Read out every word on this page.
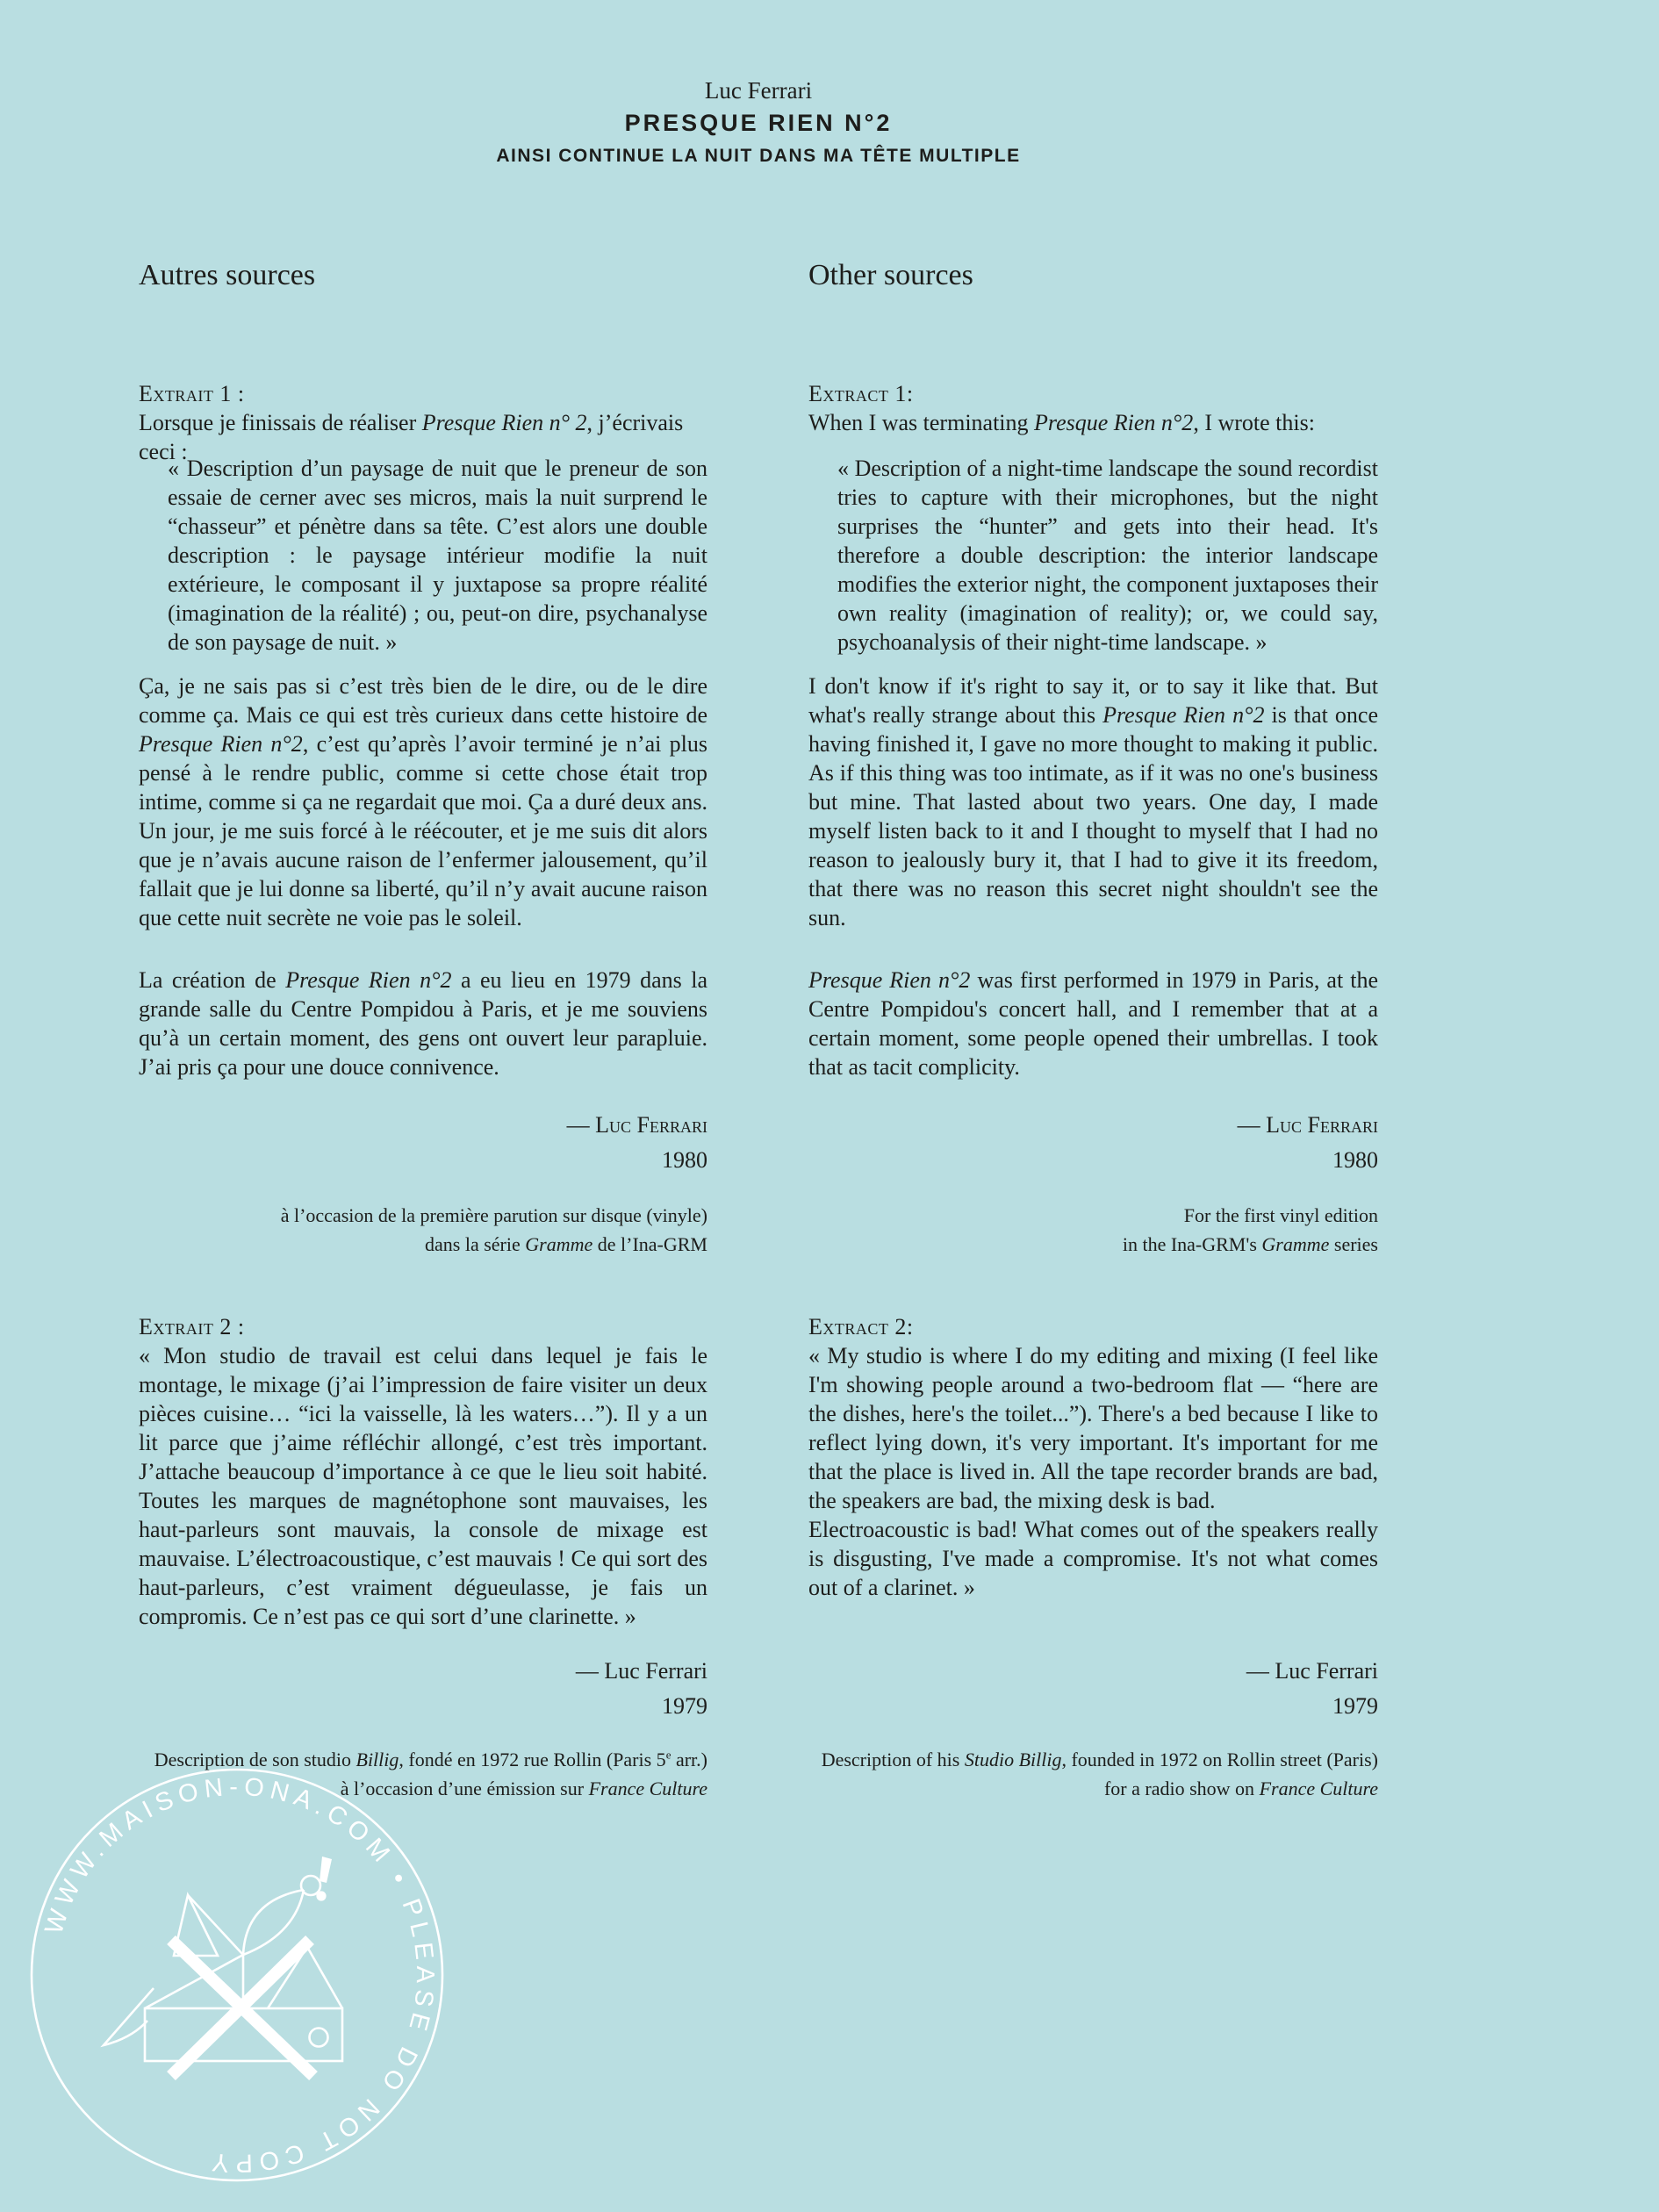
Luc Ferrari
PRESQUE RIEN N°2
AINSI CONTINUE LA NUIT DANS MA TÊTE MULTIPLE
Autres sources
Extrait 1 :
Lorsque je finissais de réaliser Presque Rien n° 2, j’écrivais ceci :
« Description d’un paysage de nuit que le preneur de son essaie de cerner avec ses micros, mais la nuit surprend le “chasseur” et pénètre dans sa tête. C’est alors une double description : le paysage intérieur modifie la nuit extérieure, le composant il y juxtapose sa propre réalité (imagination de la réalité) ; ou, peut-on dire, psychanalyse de son paysage de nuit. »

Ça, je ne sais pas si c’est très bien de le dire, ou de le dire comme ça. Mais ce qui est très curieux dans cette histoire de Presque Rien n°2, c’est qu’après l’avoir terminé je n’ai plus pensé à le rendre public, comme si cette chose était trop intime, comme si ça ne regardait que moi. Ça a duré deux ans. Un jour, je me suis forcé à le réécouter, et je me suis dit alors que je n’avais aucune raison de l’enfermer jalousement, qu’il fallait que je lui donne sa liberté, qu’il n’y avait aucune raison que cette nuit secrète ne voie pas le soleil.

La création de Presque Rien n°2 a eu lieu en 1979 dans la grande salle du Centre Pompidou à Paris, et je me souviens qu’à un certain moment, des gens ont ouvert leur parapluie. J’ai pris ça pour une douce connivence.

— Luc Ferrari
1980
à l’occasion de la première parution sur disque (vinyle)
dans la série Gramme de l’Ina-GRM
Extrait 2 :

« Mon studio de travail est celui dans lequel je fais le montage, le mixage (j’ai l’impression de faire visiter un deux pièces cuisine… “ici la vaisselle, là les waters…”). Il y a un lit parce que j’aime réfléchir allongé, c’est très important. J’attache beaucoup d’importance à ce que le lieu soit habité. Toutes les marques de magnétophone sont mauvaises, les haut-parleurs sont mauvais, la console de mixage est mauvaise. L’électroacoustique, c’est mauvais ! Ce qui sort des haut-parleurs, c’est vraiment dégueulasse, je fais un compromis. Ce n’est pas ce qui sort d’une clarinette. »

— Luc Ferrari
1979
Description de son studio Billig, fondé en 1972 rue Rollin (Paris 5e arr.)
à l’occasion d’une émission sur France Culture
Other sources
Extract 1:
When I was terminating Presque Rien n°2, I wrote this:
« Description of a night-time landscape the sound recordist tries to capture with their microphones, but the night surprises the “hunter” and gets into their head. It's therefore a double description: the interior landscape modifies the exterior night, the component juxtaposes their own reality (imagination of reality); or, we could say, psychoanalysis of their night-time landscape. »

I don't know if it's right to say it, or to say it like that. But what's really strange about this Presque Rien n°2 is that once having finished it, I gave no more thought to making it public. As if this thing was too intimate, as if it was no one's business but mine. That lasted about two years. One day, I made myself listen back to it and I thought to myself that I had no reason to jealously bury it, that I had to give it its freedom, that there was no reason this secret night shouldn't see the sun.

Presque Rien n°2 was first performed in 1979 in Paris, at the Centre Pompidou's concert hall, and I remember that at a certain moment, some people opened their umbrellas. I took that as tacit complicity.

— Luc Ferrari
1980
For the first vinyl edition
in the Ina-GRM's Gramme series
Extract 2:

« My studio is where I do my editing and mixing (I feel like I'm showing people around a two-bedroom flat — “here are the dishes, here's the toilet...”). There's a bed because I like to reflect lying down, it's very important. It's important for me that the place is lived in. All the tape recorder brands are bad, the speakers are bad, the mixing desk is bad.

Electroacoustic is bad! What comes out of the speakers really is disgusting, I've made a compromise. It's not what comes out of a clarinet. »

— Luc Ferrari
1979
Description of his Studio Billig, founded in 1972 on Rollin street (Paris)
for a radio show on France Culture
WWW.MAISON-ONA.COM • PLEASE DO NOT COPY
